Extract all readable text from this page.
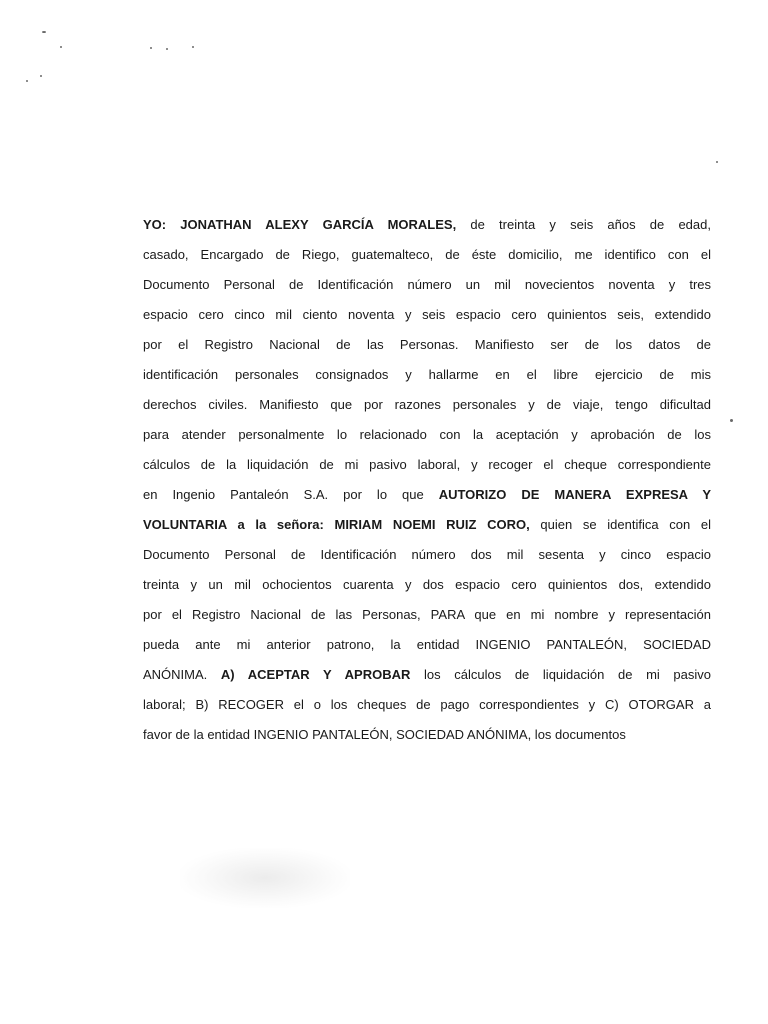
YO: JONATHAN ALEXY GARCÍA MORALES, de treinta y seis años de edad,
casado, Encargado de Riego, guatemalteco, de éste domicilio, me identifico con el
Documento Personal de Identificación número un mil novecientos noventa y tres
espacio cero cinco mil ciento noventa y seis espacio cero quinientos seis, extendido
por el Registro Nacional de las Personas. Manifiesto ser de los datos de
identificación personales consignados y hallarme en el libre ejercicio de mis
derechos civiles. Manifiesto que por razones personales y de viaje, tengo dificultad
para atender personalmente lo relacionado con la aceptación y aprobación de los
cálculos de la liquidación de mi pasivo laboral, y recoger el cheque correspondiente
en Ingenio Pantaleón S.A. por lo que AUTORIZO DE MANERA EXPRESA Y
VOLUNTARIA a la señora: MIRIAM NOEMI RUIZ CORO, quien se identifica con el
Documento Personal de Identificación número dos mil sesenta y cinco espacio
treinta y un mil ochocientos cuarenta y dos espacio cero quinientos dos, extendido
por el Registro Nacional de las Personas, PARA que en mi nombre y representación
pueda ante mi anterior patrono, la entidad INGENIO PANTALEÓN, SOCIEDAD
ANÓNIMA. A) ACEPTAR Y APROBAR los cálculos de liquidación de mi pasivo
laboral; B) RECOGER el o los cheques de pago correspondientes y C) OTORGAR a
favor de la entidad INGENIO PANTALEÓN, SOCIEDAD ANÓNIMA, los documentos
